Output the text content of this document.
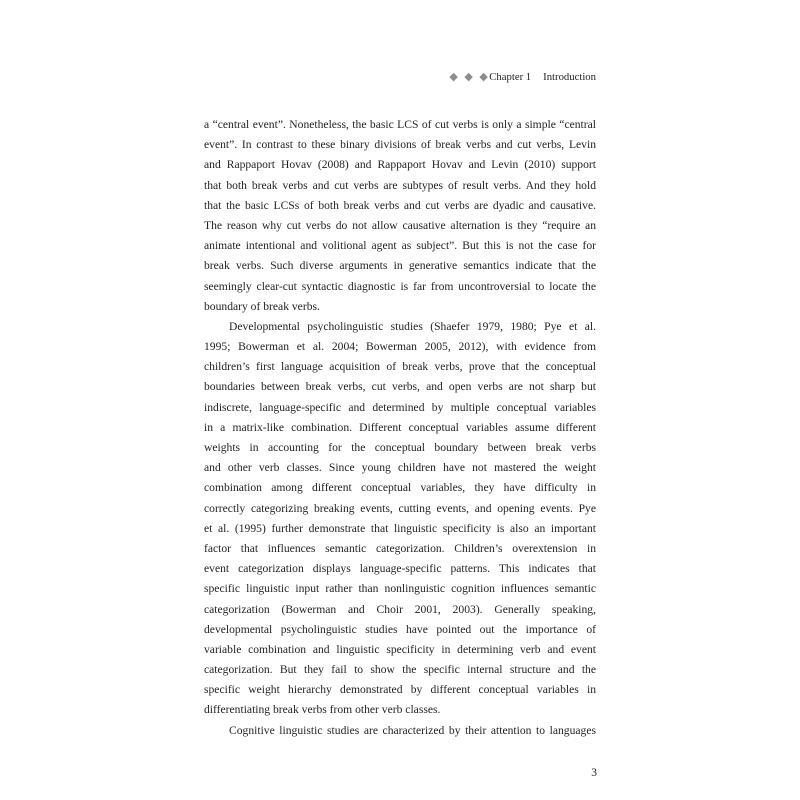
◆ ◆ ◆Chapter 1 Introduction
a “central event”. Nonetheless, the basic LCS of cut verbs is only a simple “central
event”. In contrast to these binary divisions of break verbs and cut verbs, Levin
and Rappaport Hovav (2008) and Rappaport Hovav and Levin (2010) support
that both break verbs and cut verbs are subtypes of result verbs. And they hold
that the basic LCSs of both break verbs and cut verbs are dyadic and causative.
The reason why cut verbs do not allow causative alternation is they “require an
animate intentional and volitional agent as subject”. But this is not the case for
break verbs. Such diverse arguments in generative semantics indicate that the
seemingly clear-cut syntactic diagnostic is far from uncontroversial to locate the
boundary of break verbs.
Developmental psycholinguistic studies (Shaefer 1979, 1980; Pye et al.
1995; Bowerman et al. 2004; Bowerman 2005, 2012), with evidence from
children’s first language acquisition of break verbs, prove that the conceptual
boundaries between break verbs, cut verbs, and open verbs are not sharp but
indiscrete, language-specific and determined by multiple conceptual variables
in a matrix-like combination. Different conceptual variables assume different
weights in accounting for the conceptual boundary between break verbs
and other verb classes. Since young children have not mastered the weight
combination among different conceptual variables, they have difficulty in
correctly categorizing breaking events, cutting events, and opening events. Pye
et al. (1995) further demonstrate that linguistic specificity is also an important
factor that influences semantic categorization. Children’s overextension in
event categorization displays language-specific patterns. This indicates that
specific linguistic input rather than nonlinguistic cognition influences semantic
categorization (Bowerman and Choir 2001, 2003). Generally speaking,
developmental psycholinguistic studies have pointed out the importance of
variable combination and linguistic specificity in determining verb and event
categorization. But they fail to show the specific internal structure and the
specific weight hierarchy demonstrated by different conceptual variables in
differentiating break verbs from other verb classes.
Cognitive linguistic studies are characterized by their attention to languages
3
